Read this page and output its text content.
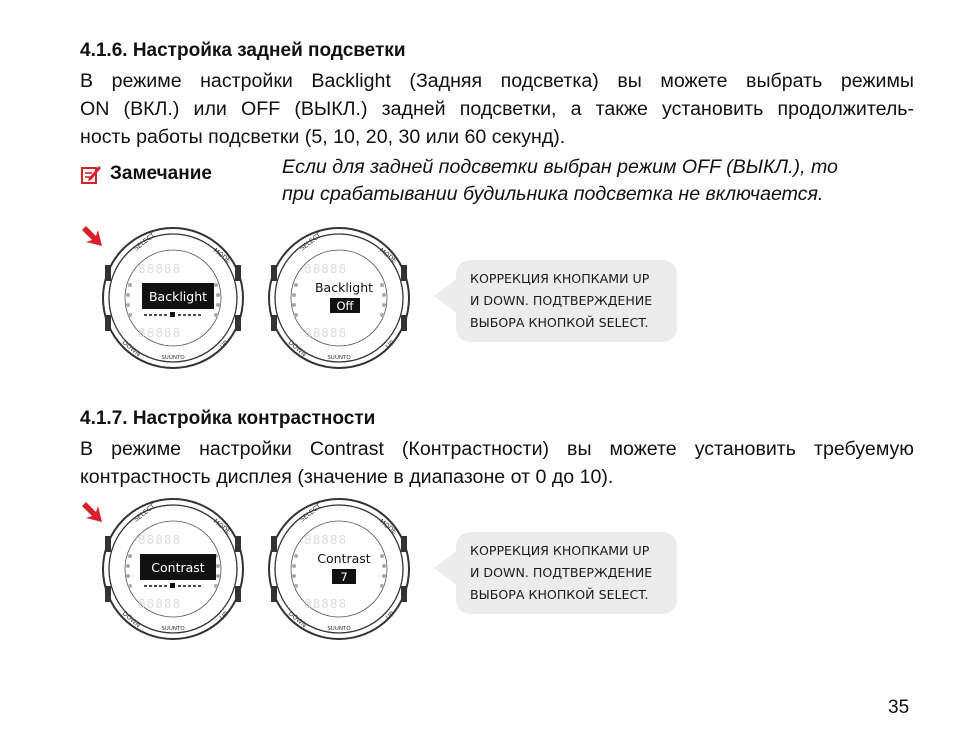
4.1.6. Настройка задней подсветки
В режиме настройки Backlight (Задняя подсветка) вы можете выбрать режимы
ON (ВКЛ.) или OFF (ВЫКЛ.) задней подсветки, а также установить продолжитель-
ность работы подсветки (5, 10, 20, 30 или 60 секунд).
Замечание	Если для задней подсветки выбран режим OFF (ВЫКЛ.), то
при срабатывании будильника подсветка не включается.
88888
88888
Backlight
SELECT
MODE
DOWN	UP
SUUNTO
88888
88888
Backlight
Off
SELECT
MODE
DOWN	UP
SUUNTO
КОРРЕКЦИЯ КНОПКАМИ UP
И DOWN. ПОДТВЕРЖДЕНИЕ
ВЫБОРА КНОПКОЙ SELECT.
4.1.7. Настройка контрастности
В режиме настройки Contrast (Контрастности) вы можете установить требуемую
контрастность дисплея (значение в диапазоне от 0 до 10).
88888
88888
Contrast
SELECT
MODE
DOWN	UP
SUUNTO
88888
88888
Contrast
7
SELECT
MODE
DOWN	UP
SUUNTO
КОРРЕКЦИЯ КНОПКАМИ UP
И DOWN. ПОДТВЕРЖДЕНИЕ
ВЫБОРА КНОПКОЙ SELECT.
35
